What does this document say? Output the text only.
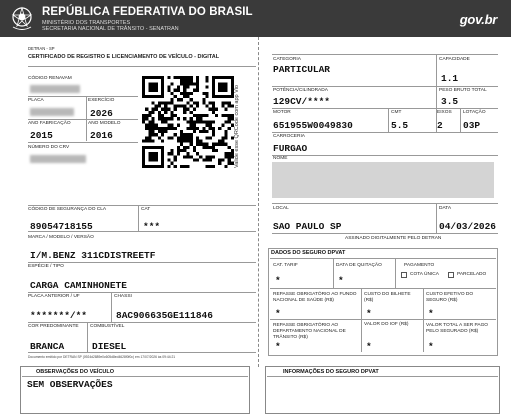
REPÚBLICA FEDERATIVA DO BRASIL
MINISTÉRIO DOS TRANSPORTES
SECRETARIA NACIONAL DE TRÂNSITO - SENATRAN
gov.br
DETRAN - SP
CERTIFICADO DE REGISTRO E LICENCIAMENTO DE VEÍCULO - DIGITAL
CÓDIGO RENAVAM
PLACA	EXERCÍCIO
2026
ANO FABRICAÇÃO
2015
ANO MODELO
2016
NÚMERO DO CRV	Valide esse QRCode com app Vio
CÓDIGO DE SEGURANÇA DO CLA
89054718155
CAT
***
MARCA / MODELO / VERSÃO
I/M.BENZ 311CDISTREETF
ESPÉCIE / TIPO
CARGA CAMINHONETE
PLACA ANTERIOR / UF
*******/**
CHASSI
8AC906635GE111846
COR PREDOMINANTE
BRANCA
COMBUSTÍVEL
DIESEL
Documento emitido por DETRAN SP (0924d2889e0c605d8ed4628f0f0c) em 17/07/2026 às 09:44:21
CATEGORIA
PARTICULAR
CAPACIDADE
1.1
POTÊNCIA/CILINDRADA
129CV/****
PESO BRUTO TOTAL
3.5
MOTOR
651955W0049830
CMT
5.5
EIXOS
2
LOTAÇÃO
03P
CARROCERIA
FURGAO
NOME
LOCAL
SAO PAULO SP
DATA
04/03/2026
ASSINADO DIGITALMENTE PELO DETRAN
DADOS DO SEGURO DPVAT
CAT. TARIF
*
DATA DE QUITAÇÃO
*
PAGAMENTO
COTA ÚNICA	PARCELADO
REPASSE OBRIGATÓRIO AO FUNDO NACIONAL DE SAÚDE (R$)
*
CUSTO DO BILHETE (R$)
*
CUSTO EFETIVO DO SEGURO (R$)
*
REPASSE OBRIGATÓRIO AO DEPARTAMENTO NACIONAL DE TRÂNSITO (R$)
*
VALOR DO IOF (R$)
*
VALOR TOTAL A SER PAGO PELO SEGURADO (R$)
*
OBSERVAÇÕES DO VEÍCULO
SEM OBSERVAÇÕES
INFORMAÇÕES DO SEGURO DPVAT
